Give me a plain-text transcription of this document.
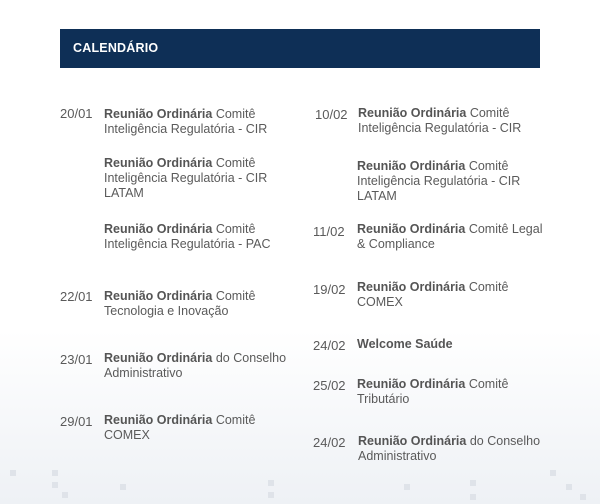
CALENDÁRIO
20/01 Reunião Ordinária Comitê Inteligência Regulatória - CIR
Reunião Ordinária Comitê Inteligência Regulatória - CIR LATAM
Reunião Ordinária Comitê Inteligência Regulatória - PAC
22/01 Reunião Ordinária Comitê Tecnologia e Inovação
23/01 Reunião Ordinária do Conselho Administrativo
29/01 Reunião Ordinária Comitê COMEX
10/02 Reunião Ordinária Comitê Inteligência Regulatória - CIR
Reunião Ordinária Comitê Inteligência Regulatória - CIR LATAM
11/02 Reunião Ordinária Comitê Legal & Compliance
19/02 Reunião Ordinária Comitê COMEX
24/02 Welcome Saúde
25/02 Reunião Ordinária Comitê Tributário
24/02 Reunião Ordinária do Conselho Administrativo
